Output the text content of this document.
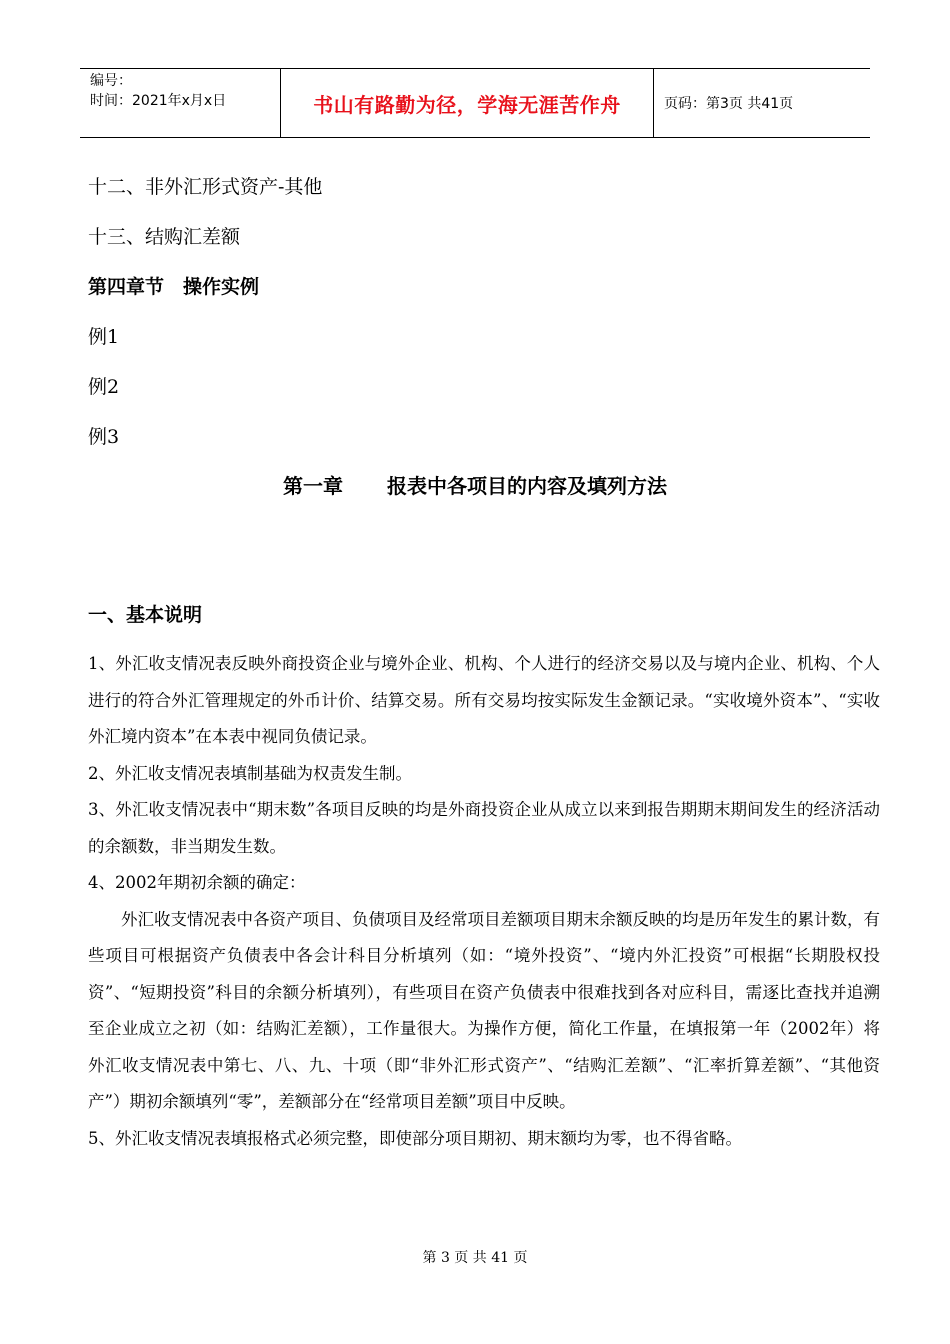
编号：
时间：2021年x月x日	书山有路勤为径，学海无涯苦作舟	页码：第3页 共41页
十二、非外汇形式资产-其他
十三、结购汇差额
第四章节　操作实例
例1
例2
例3
第一章 报表中各项目的内容及填列方法
一、基本说明

1、外汇收支情况表反映外商投资企业与境外企业、机构、个人进行的经济交易以及与境内企业、机构、个人进行的符合外汇管理规定的外币计价、结算交易。所有交易均按实际发生金额记录。“实收境外资本”、“实收外汇境内资本”在本表中视同负债记录。

2、外汇收支情况表填制基础为权责发生制。

3、外汇收支情况表中“期末数”各项目反映的均是外商投资企业从成立以来到报告期期末期间发生的经济活动的余额数，非当期发生数。

4、2002年期初余额的确定：

外汇收支情况表中各资产项目、负债项目及经常项目差额项目期末余额反映的均是历年发生的累计数，有些项目可根据资产负债表中各会计科目分析填列（如：“境外投资”、“境内外汇投资”可根据“长期股权投资”、“短期投资”科目的余额分析填列），有些项目在资产负债表中很难找到各对应科目，需逐比查找并追溯至企业成立之初（如：结购汇差额），工作量很大。为操作方便，简化工作量，在填报第一年（2002年）将外汇收支情况表中第七、八、九、十项（即“非外汇形式资产”、“结购汇差额”、“汇率折算差额”、“其他资产”）期初余额填列“零”，差额部分在“经常项目差额”项目中反映。

5、外汇收支情况表填报格式必须完整，即使部分项目期初、期末额均为零，也不得省略。

第 3 页 共 41 页
